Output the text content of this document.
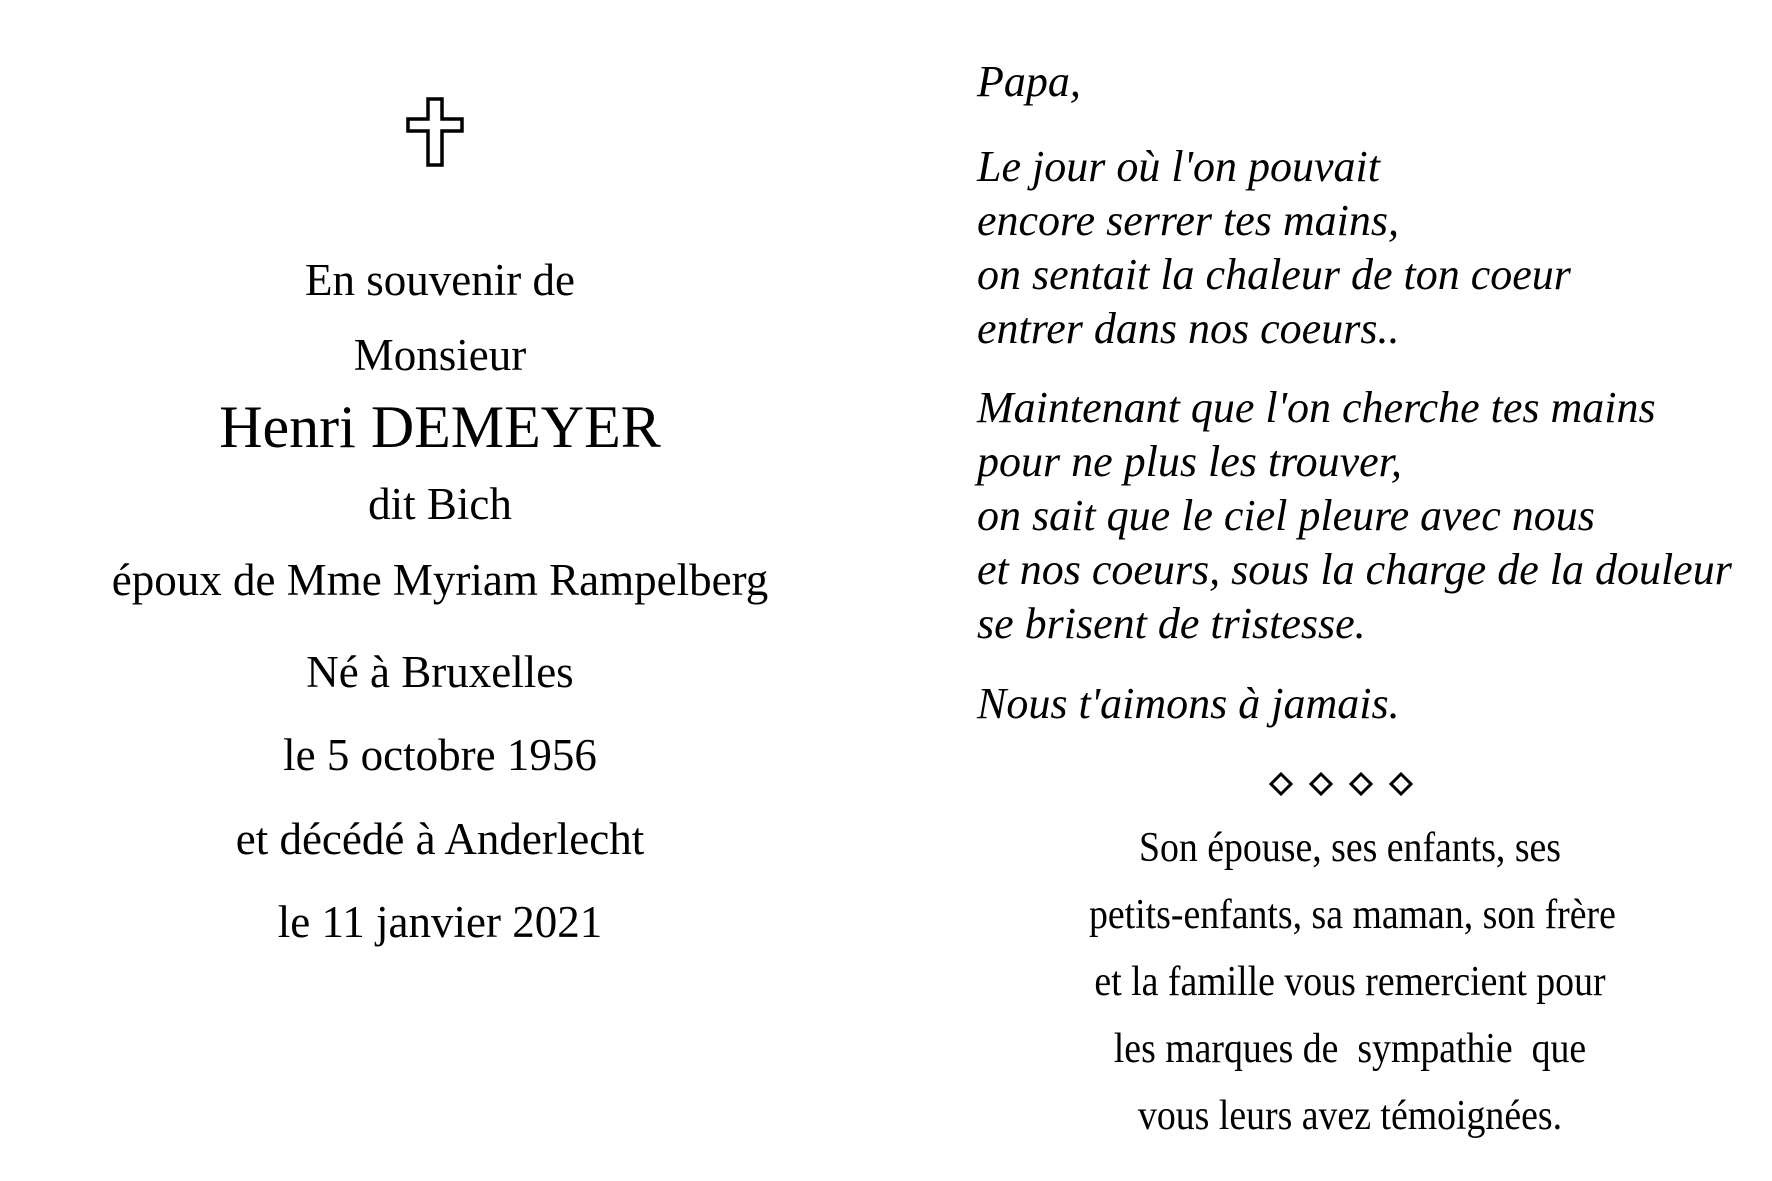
En souvenir de
Monsieur
Henri DEMEYER
dit Bich
époux de Mme Myriam Rampelberg
Né à Bruxelles
le 5 octobre 1956
et décédé à Anderlecht
le 11 janvier 2021
Papa,
Le jour où l'on pouvait
encore serrer tes mains,
on sentait la chaleur de ton coeur
entrer dans nos coeurs..
Maintenant que l'on cherche tes mains
pour ne plus les trouver,
on sait que le ciel pleure avec nous
et nos coeurs, sous la charge de la douleur
se brisent de tristesse.
Nous t'aimons à jamais.
Son épouse, ses enfants, ses
petits-enfants, sa maman, son frère
et la famille vous remercient pour
les marques de  sympathie  que
vous leurs avez témoignées.
